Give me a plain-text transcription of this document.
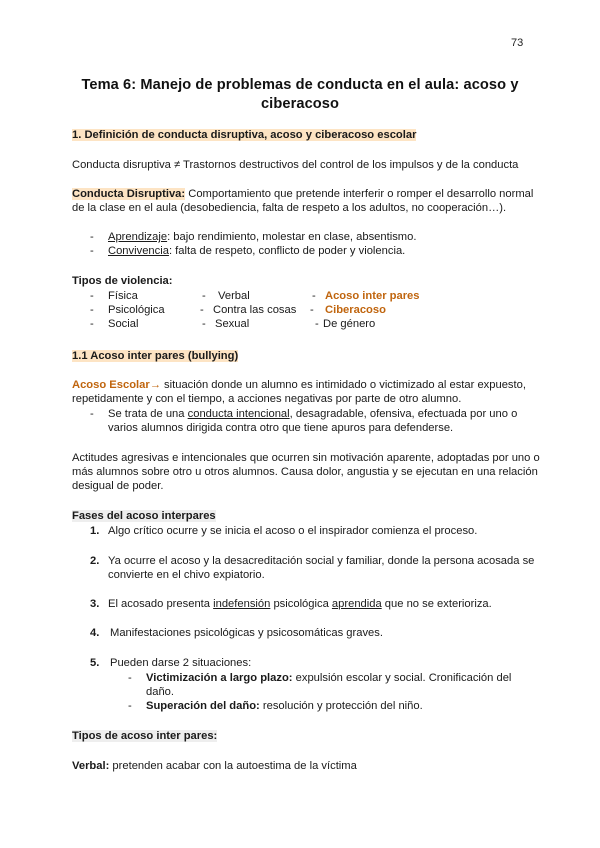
73
Tema 6: Manejo de problemas de conducta en el aula: acoso y ciberacoso
1. Definición de conducta disruptiva, acoso y ciberacoso escolar
Conducta disruptiva ≠ Trastornos destructivos del control de los impulsos y de la conducta
Conducta Disruptiva: Comportamiento que pretende interferir o romper el desarrollo normal de la clase en el aula (desobediencia, falta de respeto a los adultos, no cooperación…).
- Aprendizaje: bajo rendimiento, molestar en clase, absentismo.
- Convivencia: falta de respeto, conflicto de poder y violencia.
Tipos de violencia:
- Física
- Psicológica
- Social
- Verbal
- Contra las cosas
- Sexual
- Acoso inter pares
- Ciberacoso
- De género
1.1 Acoso inter pares (bullying)
Acoso Escolar→ situación donde un alumno es intimidado o victimizado al estar expuesto, repetidamente y con el tiempo, a acciones negativas por parte de otro alumno.
- Se trata de una conducta intencional, desagradable, ofensiva, efectuada por uno o varios alumnos dirigida contra otro que tiene apuros para defenderse.
Actitudes agresivas e intencionales que ocurren sin motivación aparente, adoptadas por uno o más alumnos sobre otro u otros alumnos. Causa dolor, angustia y se ejecutan en una relación desigual de poder.
Fases del acoso interpares
1. Algo crítico ocurre y se inicia el acoso o el inspirador comienza el proceso.
2. Ya ocurre el acoso y la desacreditación social y familiar, donde la persona acosada se convierte en el chivo expiatorio.
3. El acosado presenta indefensión psicológica aprendida que no se exterioriza.
4. Manifestaciones psicológicas y psicosomáticas graves.
5. Pueden darse 2 situaciones:
- Victimización a largo plazo: expulsión escolar y social. Cronificación del daño.
- Superación del daño: resolución y protección del niño.
Tipos de acoso inter pares:
Verbal: pretenden acabar con la autoestima de la víctima
